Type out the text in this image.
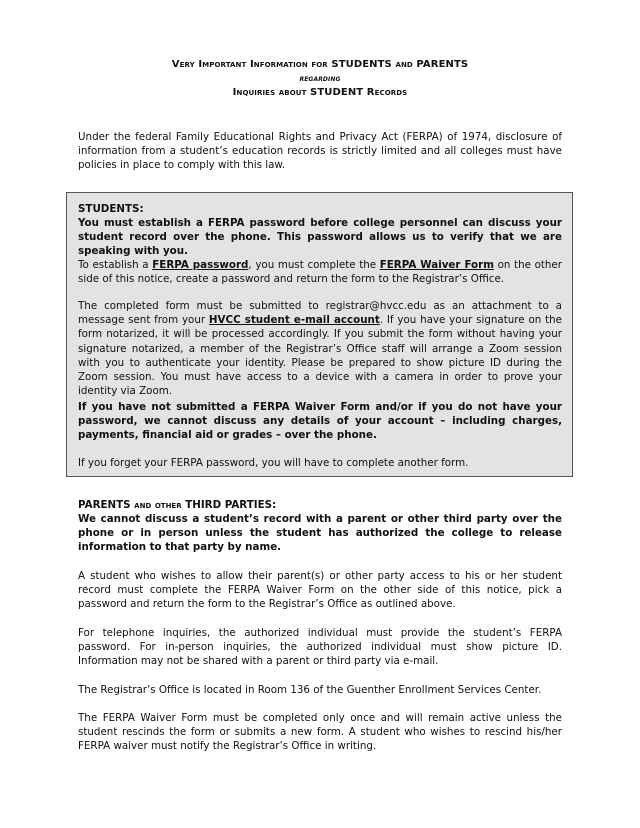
Very Important Information for STUDENTS and PARENTS
regarding
Inquiries about STUDENT Records
Under the federal Family Educational Rights and Privacy Act (FERPA) of 1974, disclosure of information from a student’s education records is strictly limited and all colleges must have policies in place to comply with this law.
STUDENTS:
You must establish a FERPA password before college personnel can discuss your student record over the phone. This password allows us to verify that we are speaking with you.
To establish a FERPA password, you must complete the FERPA Waiver Form on the other side of this notice, create a password and return the form to the Registrar’s Office.
The completed form must be submitted to registrar@hvcc.edu as an attachment to a message sent from your HVCC student e-mail account. If you have your signature on the form notarized, it will be processed accordingly. If you submit the form without having your signature notarized, a member of the Registrar’s Office staff will arrange a Zoom session with you to authenticate your identity. Please be prepared to show picture ID during the Zoom session. You must have access to a device with a camera in order to prove your identity via Zoom.
If you have not submitted a FERPA Waiver Form and/or if you do not have your password, we cannot discuss any details of your account – including charges, payments, financial aid or grades – over the phone.
If you forget your FERPA password, you will have to complete another form.
PARENTS and other THIRD PARTIES:
We cannot discuss a student’s record with a parent or other third party over the phone or in person unless the student has authorized the college to release information to that party by name.
A student who wishes to allow their parent(s) or other party access to his or her student record must complete the FERPA Waiver Form on the other side of this notice, pick a password and return the form to the Registrar’s Office as outlined above.
For telephone inquiries, the authorized individual must provide the student’s FERPA password. For in-person inquiries, the authorized individual must show picture ID. Information may not be shared with a parent or third party via e-mail.
The Registrar’s Office is located in Room 136 of the Guenther Enrollment Services Center.
The FERPA Waiver Form must be completed only once and will remain active unless the student rescinds the form or submits a new form. A student who wishes to rescind his/her FERPA waiver must notify the Registrar’s Office in writing.
